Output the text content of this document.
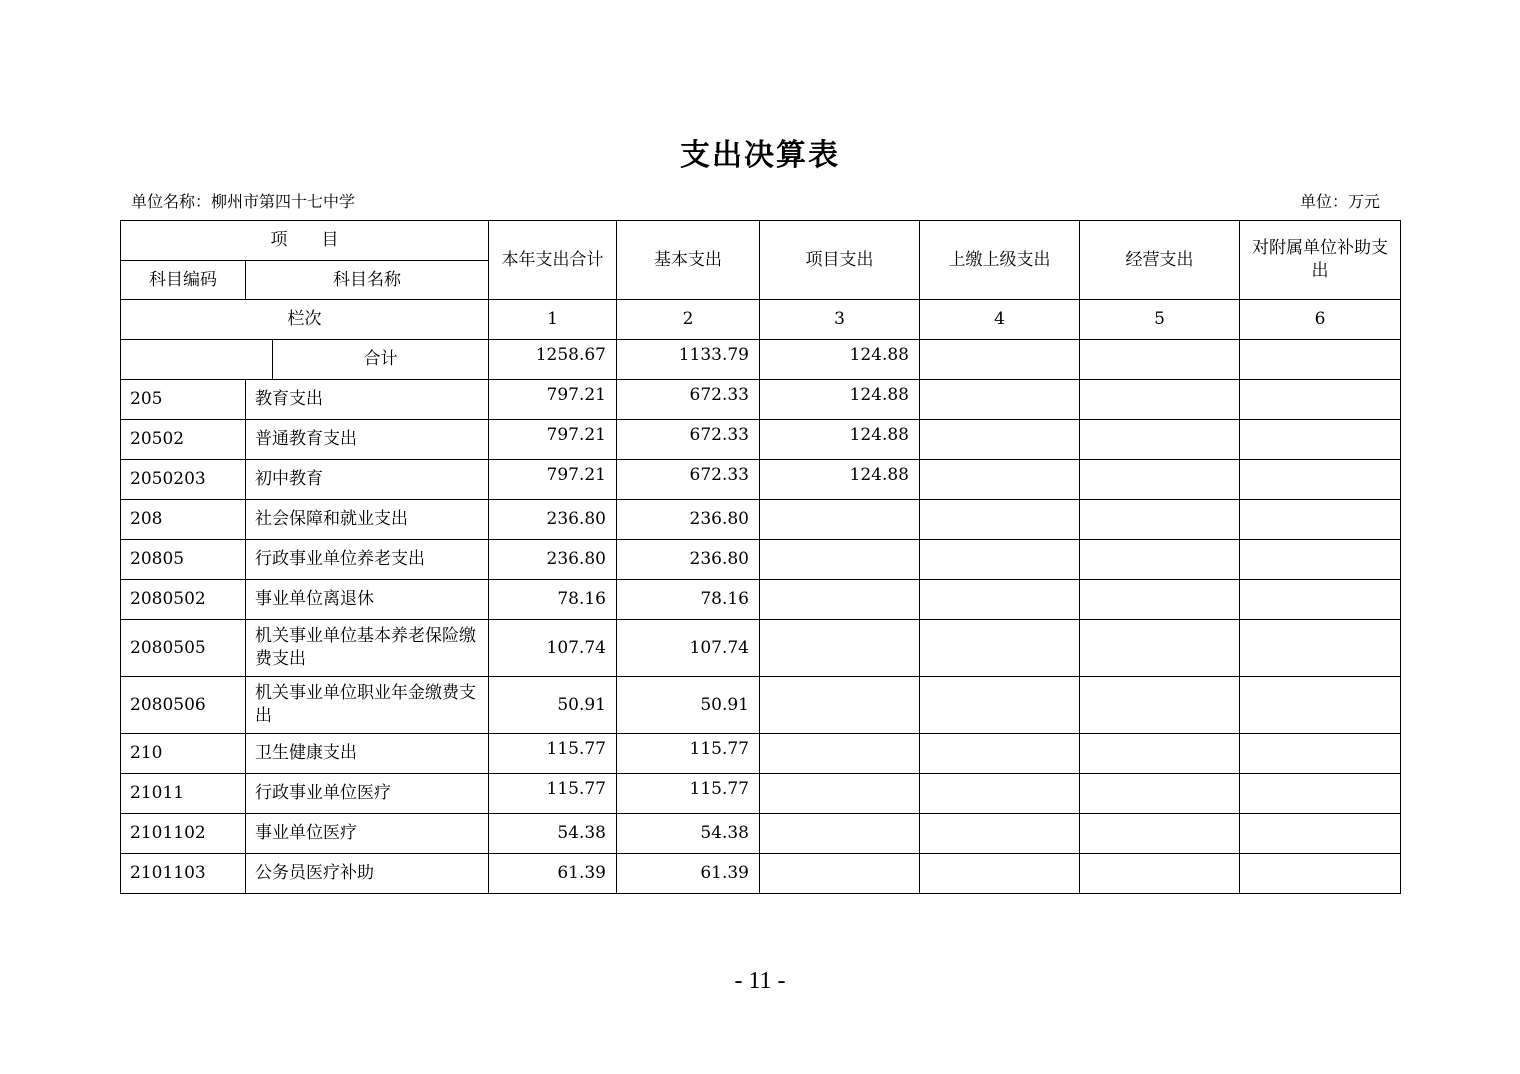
支出决算表
单位名称：柳州市第四十七中学	单位：万元
项　　目			本年支出合计	基本支出	项目支出	上缴上级支出	经营支出	对附属单位补助支出
科目编码	科目名称							
栏次			1	2	3	4	5	6
		合计	1258.67	1133.79	124.88			
205	教育支出		797.21	672.33	124.88			
20502	普通教育支出		797.21	672.33	124.88			
2050203	初中教育		797.21	672.33	124.88			
208	社会保障和就业支出		236.80	236.80				
20805	行政事业单位养老支出		236.80	236.80				
2080502	事业单位离退休		78.16	78.16				
2080505	机关事业单位基本养老保险缴费支出		107.74	107.74				
2080506	机关事业单位职业年金缴费支出		50.91	50.91				
210	卫生健康支出		115.77	115.77				
21011	行政事业单位医疗		115.77	115.77				
2101102	事业单位医疗		54.38	54.38				
2101103	公务员医疗补助		61.39	61.39				
- 11 -
